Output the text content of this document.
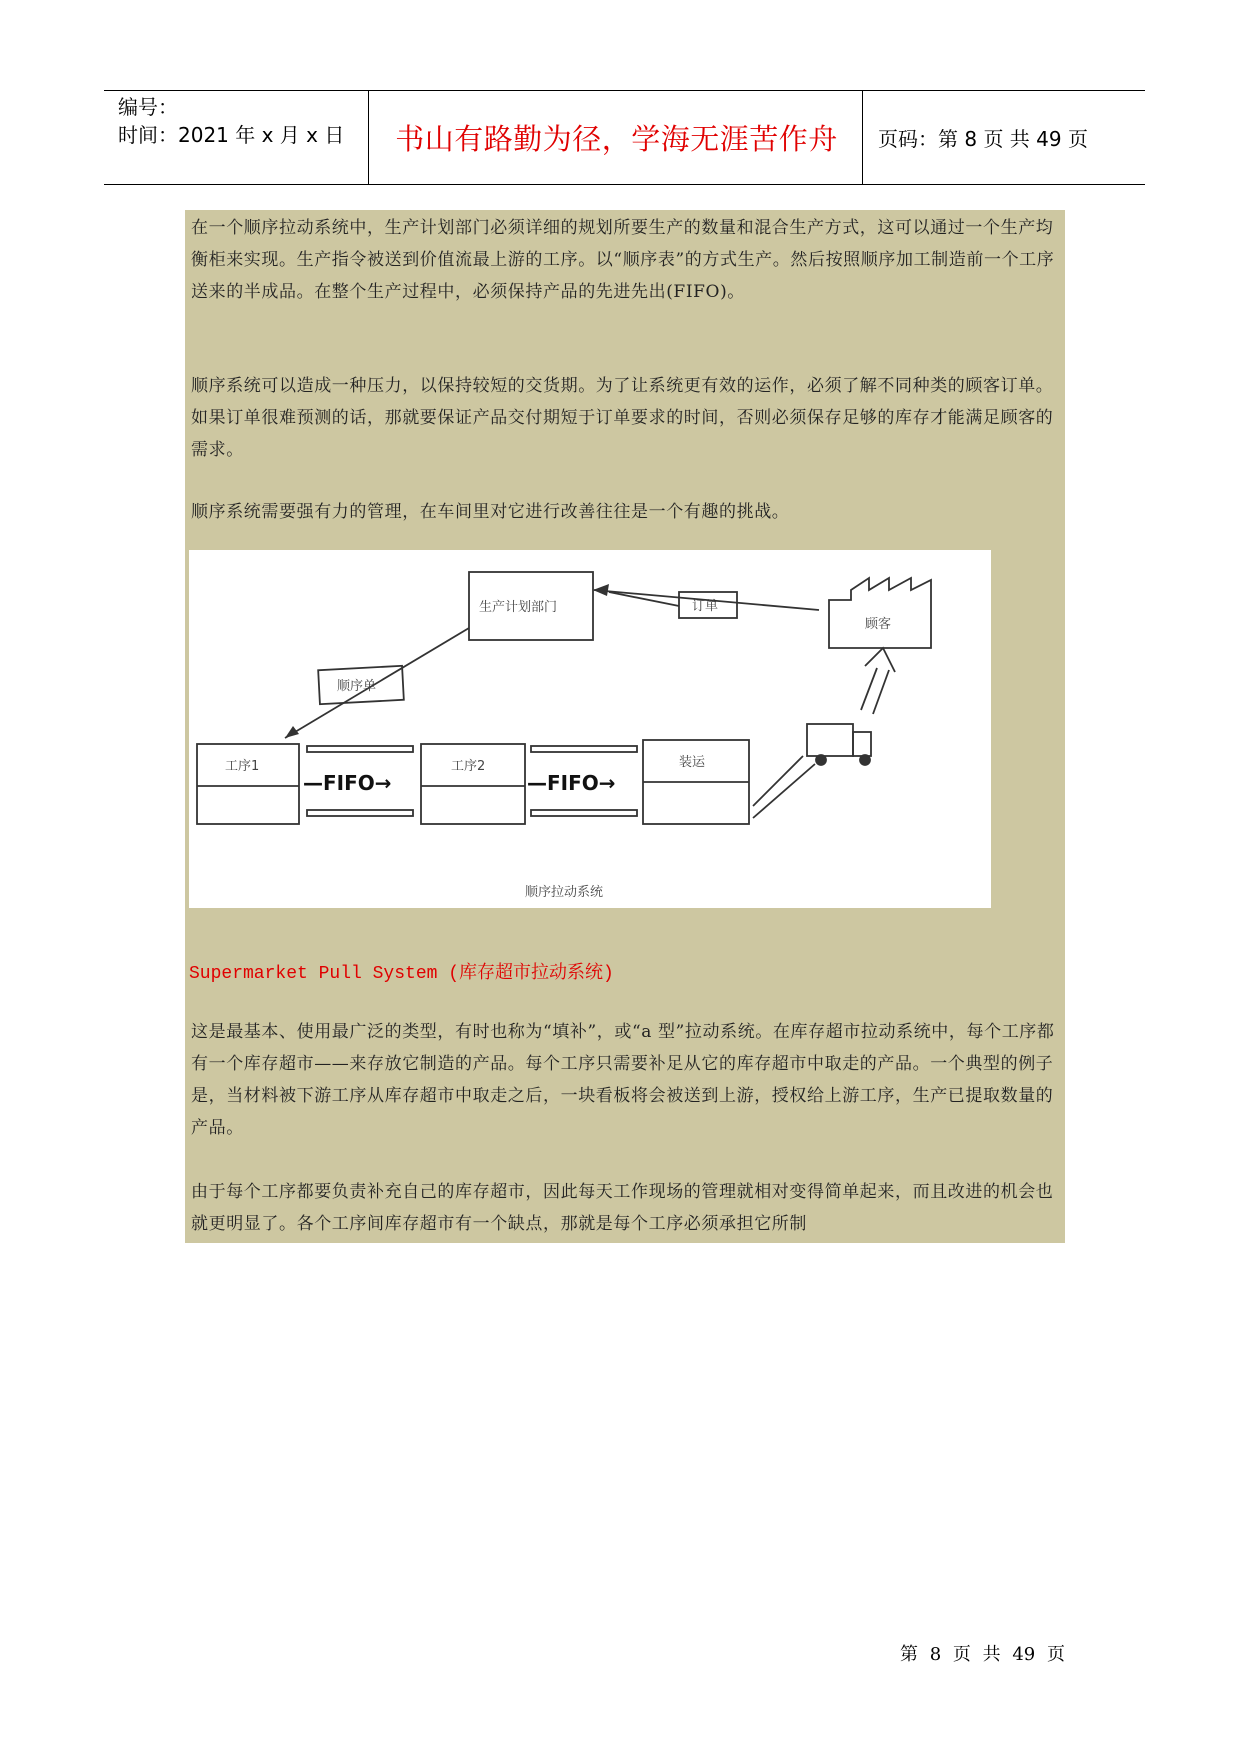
编号：
时间：2021 年 x 月 x 日	书山有路勤为径，学海无涯苦作舟	页码：第 8 页 共 49 页
在一个顺序拉动系统中，生产计划部门必须详细的规划所要生产的数量和混合生产方式，这可以通过一个生产均衡柜来实现。生产指令被送到价值流最上游的工序。以“顺序表”的方式生产。然后按照顺序加工制造前一个工序送来的半成品。在整个生产过程中，必须保持产品的先进先出(FIFO)。
顺序系统可以造成一种压力，以保持较短的交货期。为了让系统更有效的运作，必须了解不同种类的顾客订单。如果订单很难预测的话，那就要保证产品交付期短于订单要求的时间，否则必须保存足够的库存才能满足顾客的需求。
顺序系统需要强有力的管理，在车间里对它进行改善往往是一个有趣的挑战。
生产计划部门	订单
顾客
顺序单
工序1	工序2	装运
顺序拉动系统
—FIFO→	—FIFO→
Supermarket Pull System (库存超市拉动系统)
这是最基本、使用最广泛的类型，有时也称为“填补”，或“a 型”拉动系统。在库存超市拉动系统中，每个工序都有一个库存超市——来存放它制造的产品。每个工序只需要补足从它的库存超市中取走的产品。一个典型的例子是，当材料被下游工序从库存超市中取走之后，一块看板将会被送到上游，授权给上游工序，生产已提取数量的产品。
由于每个工序都要负责补充自己的库存超市，因此每天工作现场的管理就相对变得简单起来，而且改进的机会也就更明显了。各个工序间库存超市有一个缺点，那就是每个工序必须承担它所制
第 8 页 共 49 页
